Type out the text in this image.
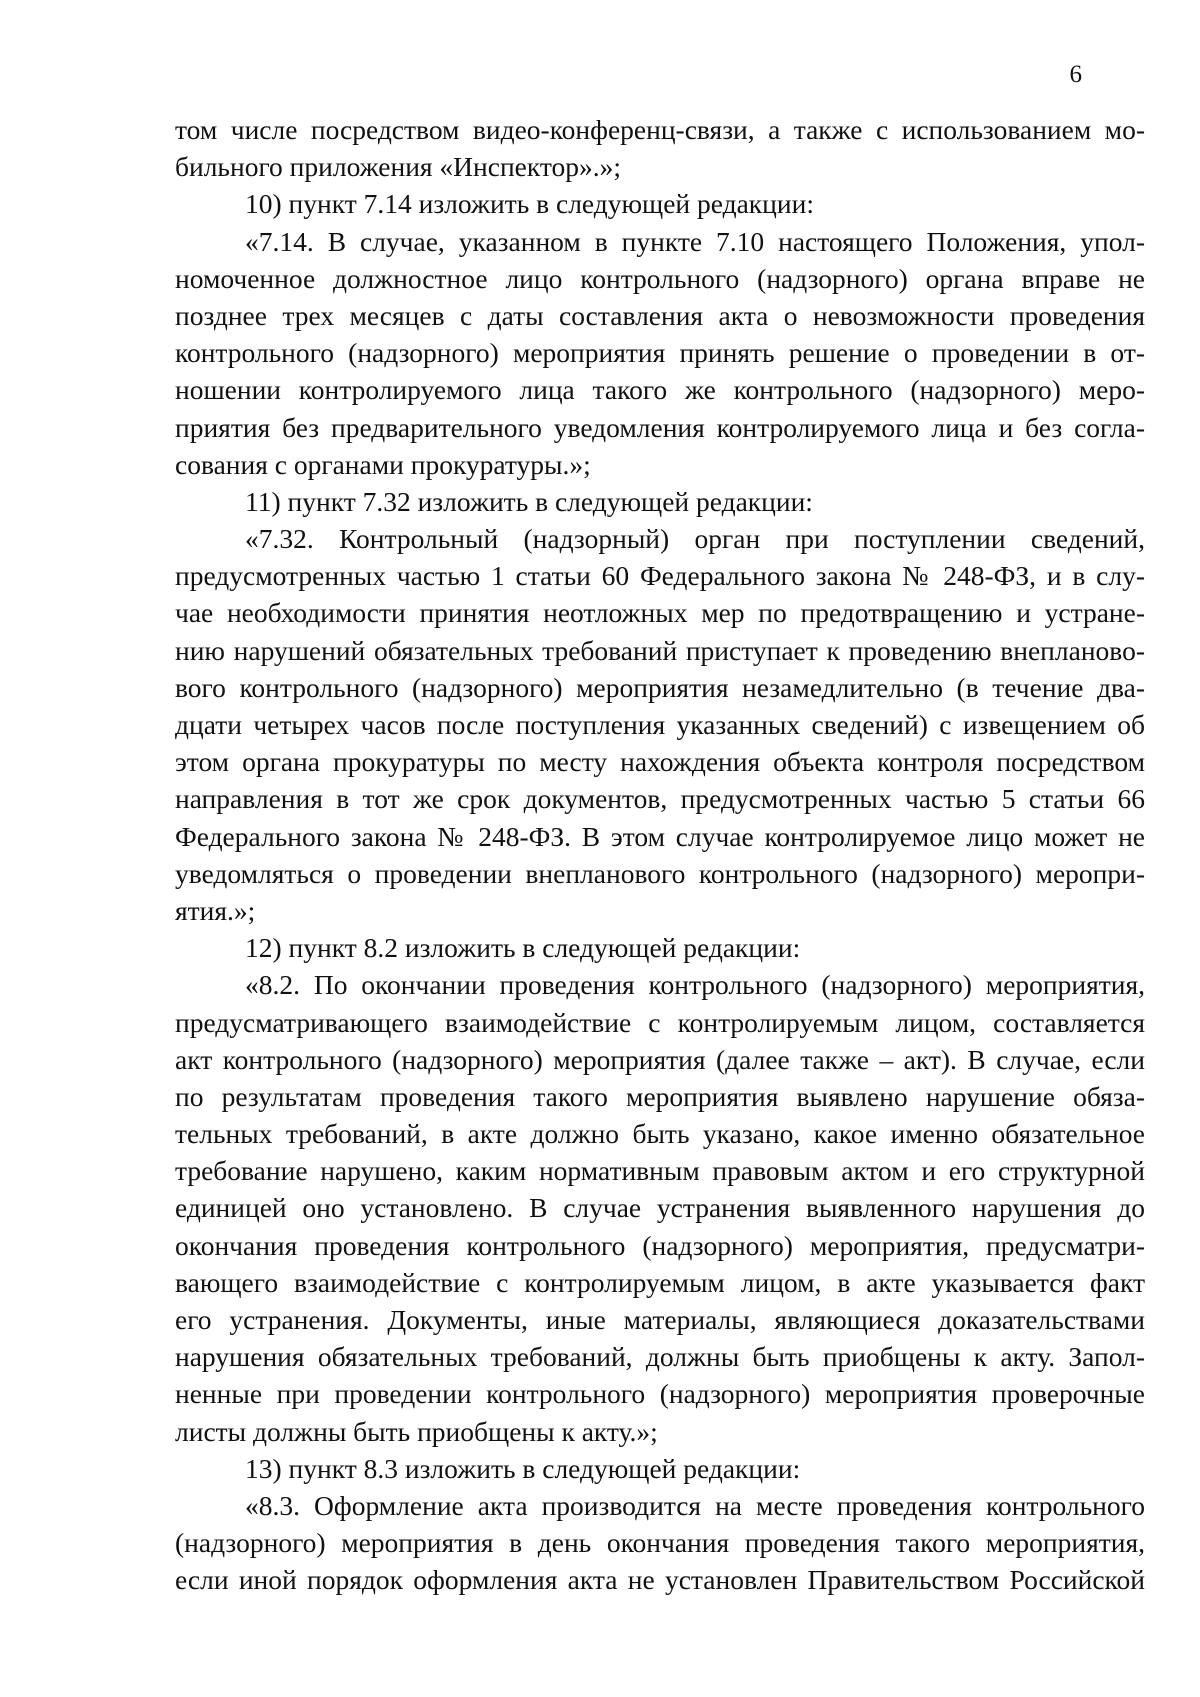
6
том числе посредством видео-конференц-связи, а также с использованием мо-
бильного приложения «Инспектор».»;
10) пункт 7.14 изложить в следующей редакции:
«7.14. В случае, указанном в пункте 7.10 настоящего Положения, упол-
номоченное должностное лицо контрольного (надзорного) органа вправе не
позднее трех месяцев с даты составления акта о невозможности проведения
контрольного (надзорного) мероприятия принять решение о проведении в от-
ношении контролируемого лица такого же контрольного (надзорного) меро-
приятия без предварительного уведомления контролируемого лица и без согла-
сования с органами прокуратуры.»;
11) пункт 7.32 изложить в следующей редакции:
«7.32. Контрольный (надзорный) орган при поступлении сведений,
предусмотренных частью 1 статьи 60 Федерального закона № 248-ФЗ, и в слу-
чае необходимости принятия неотложных мер по предотвращению и устране-
нию нарушений обязательных требований приступает к проведению внепланово-
вого контрольного (надзорного) мероприятия незамедлительно (в течение два-
дцати четырех часов после поступления указанных сведений) с извещением об
этом органа прокуратуры по месту нахождения объекта контроля посредством
направления в тот же срок документов, предусмотренных частью 5 статьи 66
Федерального закона № 248-ФЗ. В этом случае контролируемое лицо может не
уведомляться о проведении внепланового контрольного (надзорного) меропри-
ятия.»;
12) пункт 8.2 изложить в следующей редакции:
«8.2. По окончании проведения контрольного (надзорного) мероприятия,
предусматривающего взаимодействие с контролируемым лицом, составляется
акт контрольного (надзорного) мероприятия (далее также – акт). В случае, если
по результатам проведения такого мероприятия выявлено нарушение обяза-
тельных требований, в акте должно быть указано, какое именно обязательное
требование нарушено, каким нормативным правовым актом и его структурной
единицей оно установлено. В случае устранения выявленного нарушения до
окончания проведения контрольного (надзорного) мероприятия, предусматри-
вающего взаимодействие с контролируемым лицом, в акте указывается факт
его устранения. Документы, иные материалы, являющиеся доказательствами
нарушения обязательных требований, должны быть приобщены к акту. Запол-
ненные при проведении контрольного (надзорного) мероприятия проверочные
листы должны быть приобщены к акту.»;
13) пункт 8.3 изложить в следующей редакции:
«8.3. Оформление акта производится на месте проведения контрольного
(надзорного) мероприятия в день окончания проведения такого мероприятия,
если иной порядок оформления акта не установлен Правительством Российской
